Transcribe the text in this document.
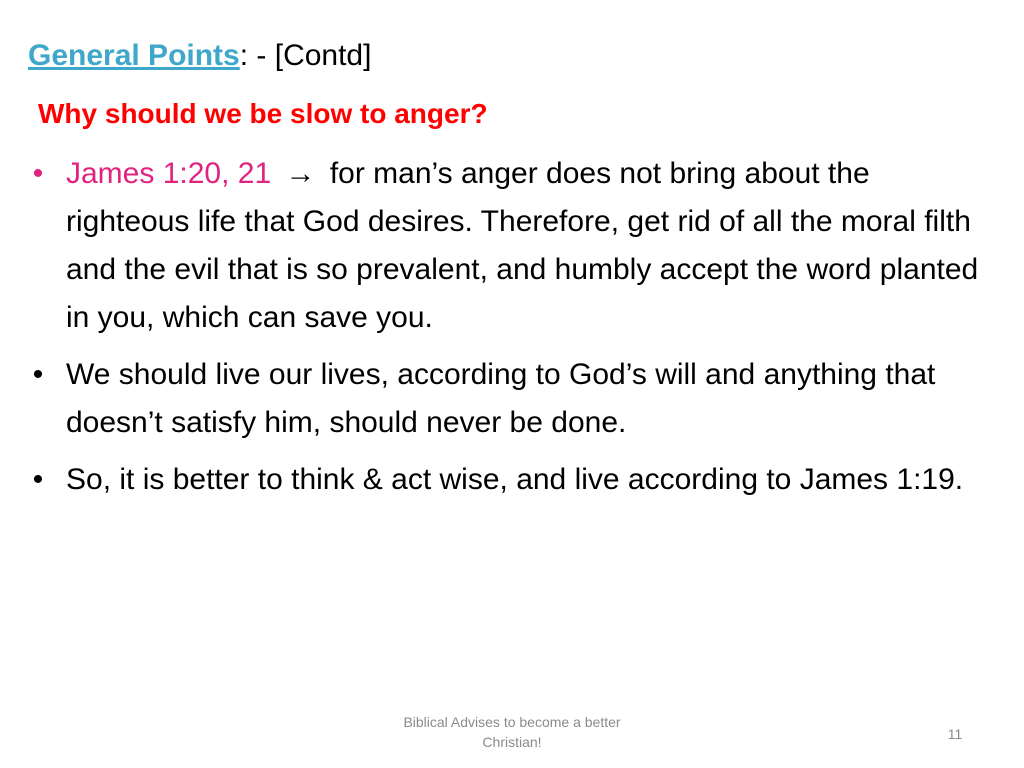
General Points: - [Contd]
Why should we be slow to anger?
• James 1:20, 21 → for man’s anger does not bring about the righteous life that God desires. Therefore, get rid of all the moral filth and the evil that is so prevalent, and humbly accept the word planted in you, which can save you.
• We should live our lives, according to God’s will and anything that doesn’t satisfy him, should never be done.
• So, it is better to think & act wise, and live according to James 1:19.
Biblical Advises to become a better Christian!	11
